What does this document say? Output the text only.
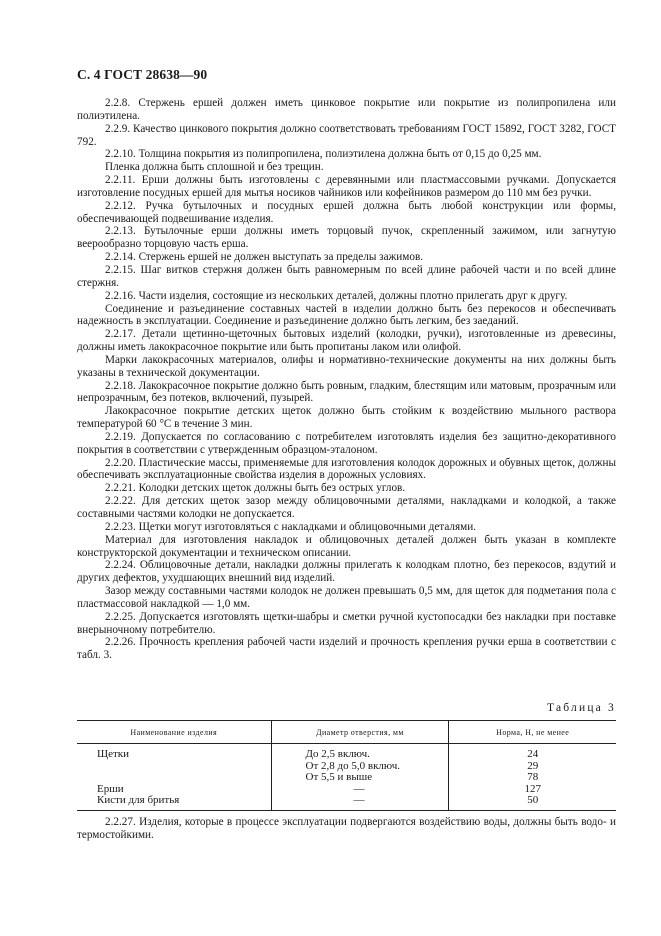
С. 4 ГОСТ 28638—90

2.2.8. Стержень ершей должен иметь цинковое покрытие или покрытие из полипропилена или полиэтилена.

2.2.9. Качество цинкового покрытия должно соответствовать требованиям ГОСТ 15892, ГОСТ 3282, ГОСТ 792.

2.2.10. Толщина покрытия из полипропилена, полиэтилена должна быть от 0,15 до 0,25 мм.

Пленка должна быть сплошной и без трещин.

2.2.11. Ерши должны быть изготовлены с деревянными или пластмассовыми ручками. Допускается изготовление посудных ершей для мытья носиков чайников или кофейников размером до 110 мм без ручки.

2.2.12. Ручка бутылочных и посудных ершей должна быть любой конструкции или формы, обеспечивающей подвешивание изделия.

2.2.13. Бутылочные ерши должны иметь торцовый пучок, скрепленный зажимом, или загнутую веерообразно торцовую часть ерша.

2.2.14. Стержень ершей не должен выступать за пределы зажимов.

2.2.15. Шаг витков стержня должен быть равномерным по всей длине рабочей части и по всей длине стержня.

2.2.16. Части изделия, состоящие из нескольких деталей, должны плотно прилегать друг к другу.

Соединение и разъединение составных частей в изделии должно быть без перекосов и обеспечивать надежность в эксплуатации. Соединение и разъединение должно быть легким, без заеданий.

2.2.17. Детали щетинно-щеточных бытовых изделий (колодки, ручки), изготовленные из древесины, должны иметь лакокрасочное покрытие или быть пропитаны лаком или олифой.

Марки лакокрасочных материалов, олифы и нормативно-технические документы на них должны быть указаны в технической документации.

2.2.18. Лакокрасочное покрытие должно быть ровным, гладким, блестящим или матовым, прозрачным или непрозрачным, без потеков, включений, пузырей.

Лакокрасочное покрытие детских щеток должно быть стойким к воздействию мыльного раствора температурой 60 °С в течение 3 мин.

2.2.19. Допускается по согласованию с потребителем изготовлять изделия без защитно-декоративного покрытия в соответствии с утвержденным образцом-эталоном.

2.2.20. Пластические массы, применяемые для изготовления колодок дорожных и обувных щеток, должны обеспечивать эксплуатационные свойства изделия в дорожных условиях.

2.2.21. Колодки детских щеток должны быть без острых углов.

2.2.22. Для детских щеток зазор между облицовочными деталями, накладками и колодкой, а также составными частями колодки не допускается.

2.2.23. Щетки могут изготовляться с накладками и облицовочными деталями.

Материал для изготовления накладок и облицовочных деталей должен быть указан в комплекте конструкторской документации и техническом описании.

2.2.24. Облицовочные детали, накладки должны прилегать к колодкам плотно, без перекосов, вздутий и других дефектов, ухудшающих внешний вид изделий.

Зазор между составными частями колодок не должен превышать 0,5 мм, для щеток для подметания пола с пластмассовой накладкой — 1,0 мм.

2.2.25. Допускается изготовлять щетки-шабры и сметки ручной кустопосадки без накладки при поставке внерыночному потребителю.

2.2.26. Прочность крепления рабочей части изделий и прочность крепления ручки ерша в соответствии с табл. 3.

Таблица 3
Наименование изделия	Диаметр отверстия, мм	Норма, Н, не менее
Щетки	До 2,5 включ.	24
	От 2,8 до 5,0 включ.	29
	От 5,5 и выше	78
Ерши	—	127
Кисти для бритья	—	50

2.2.27. Изделия, которые в процессе эксплуатации подвергаются воздействию воды, должны быть водо- и термостойкими.
